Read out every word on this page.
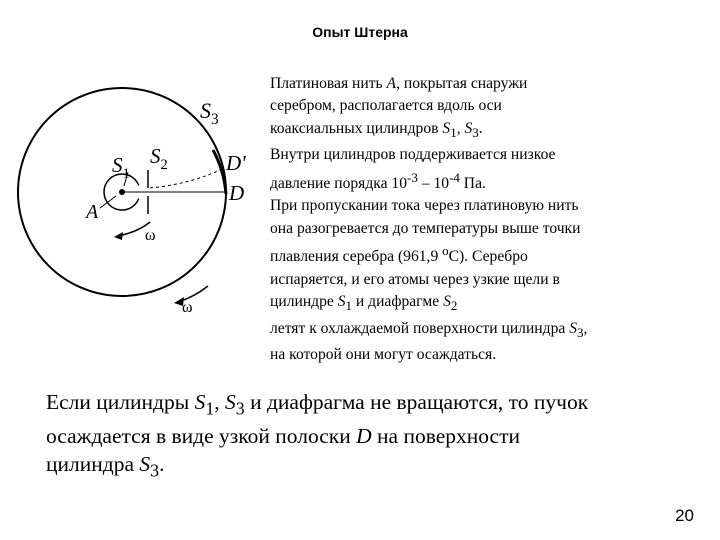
Опыт Штерна
$S_3$
$S_1$
$S_2$	D'
D
A
ω
ω

Платиновая нить A, покрытая снаружи
серебром, располагается вдоль оси
коаксиальных цилиндров $S_1$, $S_3$.
Внутри цилиндров поддерживается низкое
давление порядка $10^{-3} - 10^{-4}$ Па.
При пропускании тока через платиновую нить
она разогревается до температуры выше точки
плавления серебра (961,9 $^o$С). Серебро
испаряется, и его атомы через узкие щели в
цилиндре $S_1$ и диафрагме $S_2$
летят к охлаждаемой поверхности цилиндра $S_3$,
на которой они могут осаждаться.

Если цилиндры $S_1$, $S_3$ и диафрагма не вращаются, то пучок
осаждается в виде узкой полоски D на поверхности
цилиндра $S_3$.

20
